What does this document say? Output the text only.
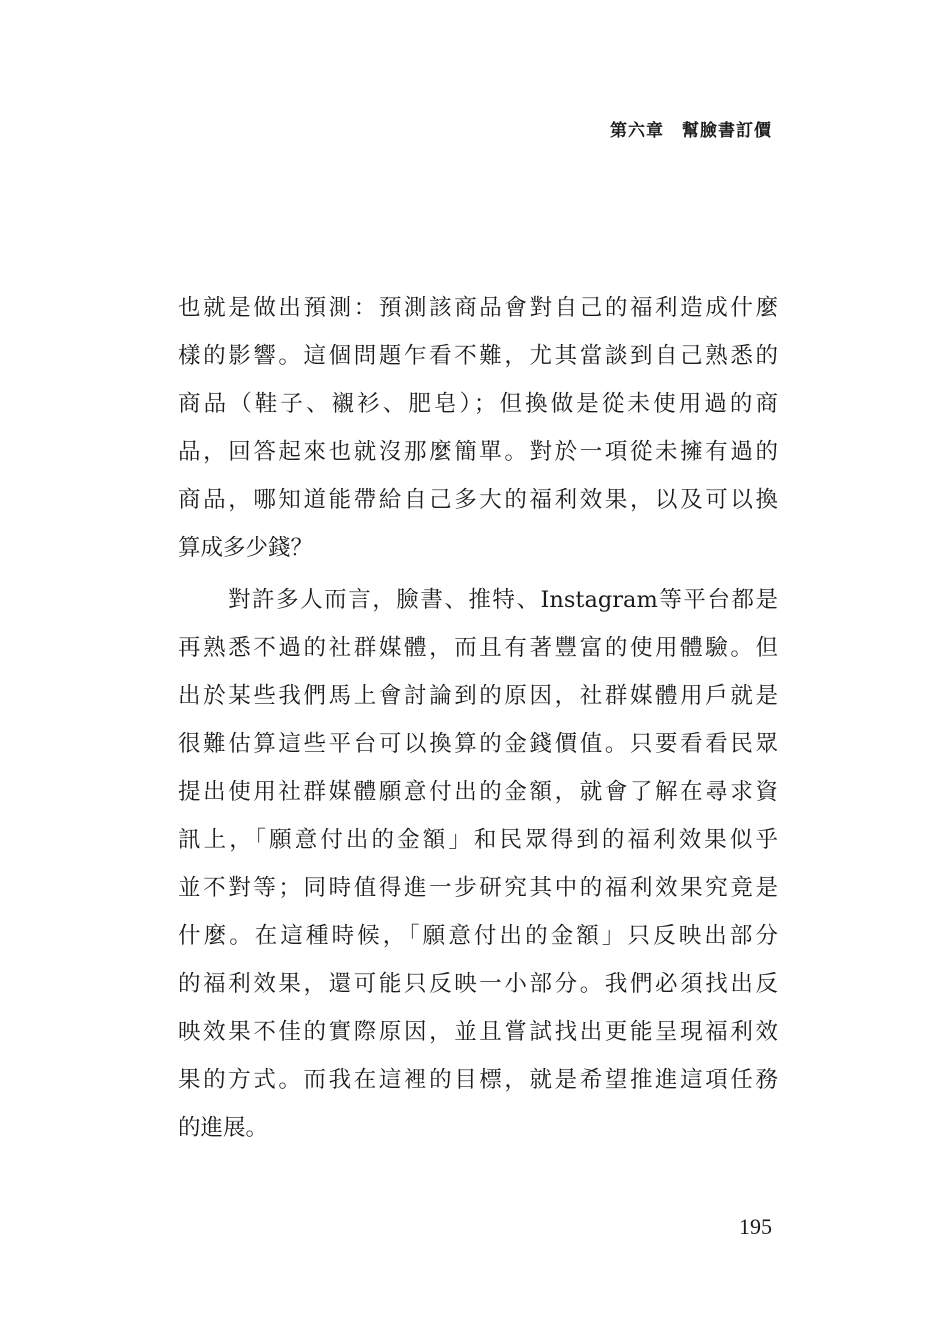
第六章 幫臉書訂價
也就是做出預測：預測該商品會對自己的福利造成什麼
樣的影響。這個問題乍看不難，尤其當談到自己熟悉的
商品（鞋子、襯衫、肥皂）；但換做是從未使用過的商
品，回答起來也就沒那麼簡單。對於一項從未擁有過的
商品，哪知道能帶給自己多大的福利效果，以及可以換
算成多少錢？
對許多人而言，臉書、推特、Instagram等平台都是
再熟悉不過的社群媒體，而且有著豐富的使用體驗。但
出於某些我們馬上會討論到的原因，社群媒體用戶就是
很難估算這些平台可以換算的金錢價值。只要看看民眾
提出使用社群媒體願意付出的金額，就會了解在尋求資
訊上，「願意付出的金額」和民眾得到的福利效果似乎
並不對等；同時值得進一步研究其中的福利效果究竟是
什麼。在這種時候，「願意付出的金額」只反映出部分
的福利效果，還可能只反映一小部分。我們必須找出反
映效果不佳的實際原因，並且嘗試找出更能呈現福利效
果的方式。而我在這裡的目標，就是希望推進這項任務
的進展。
195
